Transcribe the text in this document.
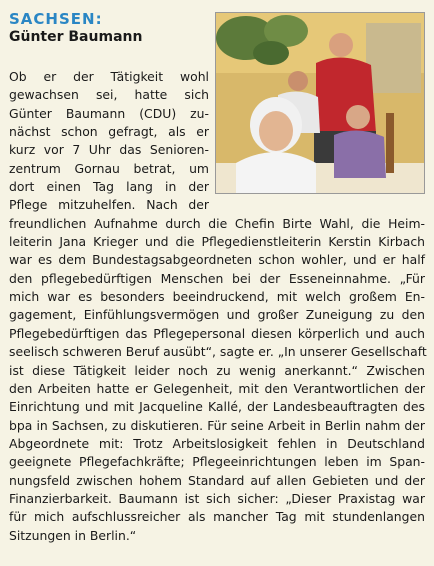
SACHSEN:
Günter Baumann
Ob er der Tätigkeit wohl
gewachsen sei, hatte sich
Günter Baumann (CDU) zu-
nächst schon gefragt, als er
kurz vor 7 Uhr das Senioren-
zentrum Gornau betrat, um
dort einen Tag lang in der
Pflege mitzuhelfen. Nach der
freundlichen Aufnahme durch die Chefin Birte Wahl, die Heim-
leiterin Jana Krieger und die Pflegedienstleiterin Kerstin Kirbach
war es dem Bundestagsabgeordneten schon wohler, und er half
den pflegebedürftigen Menschen bei der Esseneinnahme. „Für
mich war es besonders beeindruckend, mit welch großem En-
gagement, Einfühlungsvermögen und großer Zuneigung zu den
Pflegebedürftigen das Pflegepersonal diesen körperlich und auch
seelisch schweren Beruf ausübt“, sagte er. „In unserer Gesellschaft
ist diese Tätigkeit leider noch zu wenig anerkannt.“ Zwischen
den Arbeiten hatte er Gelegenheit, mit den Verantwortlichen der
Einrichtung und mit Jacqueline Kallé, der Landesbeauftragten des
bpa in Sachsen, zu diskutieren. Für seine Arbeit in Berlin nahm der
Abgeordnete mit: Trotz Arbeitslosigkeit fehlen in Deutschland
geeignete Pflegefachkräfte; Pflegeeinrichtungen leben im Span-
nungsfeld zwischen hohem Standard auf allen Gebieten und der
Finanzierbarkeit. Baumann ist sich sicher: „Dieser Praxistag war
für mich aufschlussreicher als mancher Tag mit stundenlangen
Sitzungen in Berlin.“
